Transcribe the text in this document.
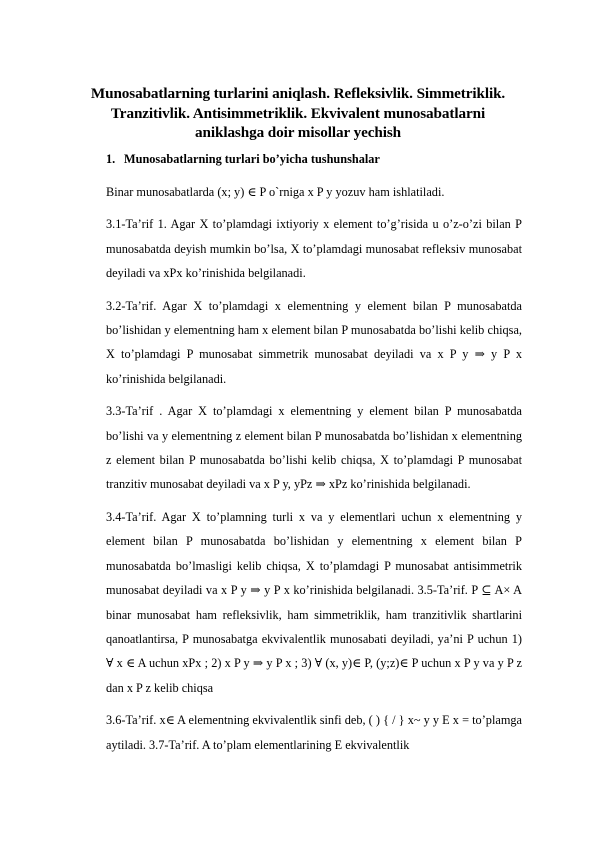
Munosabatlarning turlarini aniqlash. Refleksivlik. Simmetriklik. Tranzitivlik. Antisimmetriklik. Ekvivalent munosabatlarni aniklashga doir misollar yechish
1. Munosabatlarning turlari bo’yicha tushunshalar

Binar munosabatlarda (x; y) ∈ P o`rniga x P y yozuv ham ishlatiladi.

3.1-Ta’rif 1. Agar X to’plamdagi ixtiyoriy x element to’g’risida u o’z-o’zi bilan P munosabatda deyish mumkin bo’lsa, X to’plamdagi munosabat refleksiv munosabat deyiladi va xPx ko’rinishida belgilanadi.

3.2-Ta’rif. Agar X to’plamdagi x elementning y element bilan P munosabatda bo’lishidan y elementning ham x element bilan P munosabatda bo’lishi kelib chiqsa, X to’plamdagi P munosabat simmetrik munosabat deyiladi va x P y ⇒ y P x ko’rinishida belgilanadi.

3.3-Ta’rif . Agar X to’plamdagi x elementning y element bilan P munosabatda bo’lishi va y elementning z element bilan P munosabatda bo’lishidan x elementning z element bilan P munosabatda bo’lishi kelib chiqsa, X to’plamdagi P munosabat tranzitiv munosabat deyiladi va x P y, yPz ⇒ xPz ko’rinishida belgilanadi.

3.4-Ta’rif. Agar X to’plamning turli x va y elementlari uchun x elementning y element bilan P munosabatda bo’lishidan y elementning x element bilan P munosabatda bo’lmasligi kelib chiqsa, X to’plamdagi P munosabat antisimmetrik munosabat deyiladi va x P y ⇒ y P x ko’rinishida belgilanadi. 3.5-Ta’rif. P ⊆ A× A binar munosabat ham refleksivlik, ham simmetriklik, ham tranzitivlik shartlarini qanoatlantirsa, P munosabatga ekvivalentlik munosabati deyiladi, ya’ni P uchun 1) ∀ x ∈ A uchun xPx ; 2) x P y ⇒ y P x ; 3) ∀ (x, y)∈ P, (y;z)∈ P uchun x P y va y P z dan x P z kelib chiqsa

3.6-Ta’rif. x∈ A elementning ekvivalentlik sinfi deb, ( ) { / } x~ y y E x = to’plamga aytiladi. 3.7-Ta’rif. A to’plam elementlarining E ekvivalentlik
